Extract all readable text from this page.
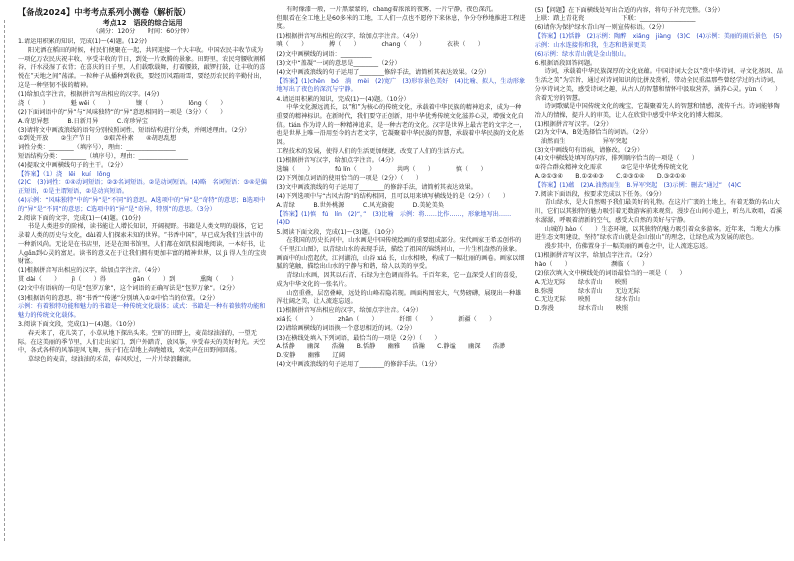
【备战2024】中考考点系列小测卷（解析版）
考点12　语段的综合运用
（满分：120分　　时间：60分钟）
1.请运用积累的知识，完成(1)～(4)题。(12分)
阳光洒在稻田的时候，村民们便聚在一起，共同迎接一个大丰收。中国农民丰收节成为一项亿万农民庆祝丰收、享受丰收的节日，到处一片欢腾的景象。田野里，农民弯腰收割稻谷，汗水浸湿了衣背；在喜庆的日子里，人们载歌载舞，打着腰鼓，敲锣打鼓，让丰收的喜悦在“天地之间”荡漾。一粒种子从播种到收获，要经历风霜雨雪，要经历农民的辛勤付出，这是一种坚韧不拔的精神。
(1)给加点字注音，根据拼音写出相应的汉字。(4分)
浇（　　）　　　　魁 wěi（　　）　　　　镶（　　）　　　　lǒng（　　）
(2)下面词语中的“异”与“风味独特”的“异”意思相同的一项是（3分）（　　）
A.奇思异想　　　B.日新月异　　　C.奇珍异宝
(3)请将文中画波浪线的语句分别按照词性、短语结构进行分类，并阐述理由。（2分）
①到处开放　　②生产节日　　③艰苦朴素　　④胡思乱想
词性分类：________（填序号），理由：________________
短语结构分类：________（填序号），理由：________________
(4)提取文中画横线句子的主干。（2分）
【答案】（1）浇　lěi　kuí　lǒng
(2)C　(3)词性：①④动词短语；②③名词短语。②是动词短语。(4)略　名词短语：③④是偏正短语，①是主谓短语，②是动宾短语。
(4)示例：“风味独特”中的“异”是“不同”的意思。A选项中的“异”是“奇特”的意思；B选项中的“异”是“不同”的意思；C选项中的“异”是“奇异，特别”的意思。（3分）
2.阅读下面的文字，完成(1)～(4)题。(10分)
书是人类进步的阶梯，读书能让人增长知识，开阔视野。书籍是人类文明的载体，它记录着人类的历史与文化，dài着人们探索未知的世界。“书香中国”，早已成为我们生活中的一种新风尚。无论是在书店里，还是在图书馆里，人们都在如饥似渴地阅读，一本好书，让人gǎn到心灵的富足。读书的意义在于让我们拥有更加丰富的精神世界，以 jì 得人生的宝贵财富。
(1)根据拼音写出相应的汉字，给加点字注音。（4分）
贯 dài（　　）　　 jì（　　）得　　　　 gǎn（　　）到　　　　熏陶（　　）
(2)文中有语病的一句是“包罗万象”，这个词语的正确写法是“包罗万象”。（2分）
(3)根据语句的意思，将“书香”“传递”分别填入①②中恰当的位置。（2分）
示例：有着独特功能和魅力的书籍是一种传统文化载体；或式：书籍是一种有着独特功能和魅力的传统文化载体。
3.阅读下面文段，完成(1)～(4)题。（10分）
春天来了，花儿笑了，小草从地下探出头来。空旷的田野上，麦苗绿油油的，一望无际。在这美丽的季节里，人们走出家门，到户外踏青，放风筝，享受春天的美好时光。天空中，各式各样的风筝迎风飞舞，孩子们在草地上奔跑嬉戏，欢笑声在田野间回荡。
草绿色的麦苗，绿油油的禾苗，春风吹过，一片片绿浪翻滚。
有时像漆一般，一片黑蒙蒙的，chang着浓浓的夜雾，一片宁静，夜色深沉。
但眼看在全工地上是60多米的工地，工人们一点也不愿停下来休息，争分夺秒地推进工程进度。
(1)根据拼音写出相应的汉字，给加点字注音。（4分）
嗔（　　）　　　　搏（　　）　　　　chang（　　）　　　　衣袂（　　）
(2)文中画横线的词语：__________
(3)文中“盖凝”一词的意思是________（2分）
(4)文中画波浪线的句子运用了________修辞手法，请简析其表达效果。（2分）
【答案】(1)chēn　bó　淌　mèi　(2)宽广　(3)形容景色美好　(4)比喻、拟人，生动形象地写出了夜色的深沉与宁静。
4.请运用积累的知识，完成(1)～(4)题。（10分）
中华文化源远流长，以“和”为核心的传统文化，承载着中华民族的精神追求，成为一种重要的精神标识。在新时代，我们要守正创新，用中华优秀传统文化滋养心灵，增强文化自信。tián 作为诗人的一种精神追求，是一种古老的文化。汉字是世界上最古老的文字之一，也是世界上唯一沿用至今的古老文字，它凝聚着中华民族的智慧，承载着中华民族的文化基因。
工程技术的发展，使得人们的生活更加便捷，改变了人们的生活方式。
(1)根据拼音写汉字，给加点字注音。（4分）
选编（　　）　　　　fú lín（　　）　　　　共鸣（　　）　　　　慎（　　）
(2)下列加点词语的使用恰当的一项是（2分）（　　）
(3)文中画波浪线的句子运用了________的修辞手法，请简析其表达效果。
(4)下列选项中与“古风古韵”的结构相同，且可以用来填写横线处的是（2分）（　　）
A.青绿　　　B.世外桃源　　　C.风光旖旎　　　D.美轮美奂
【答案】(1)慎　fú　lín　(2)“，”　(3)比喻　示例：将……比作……，形象地写出……　(4)D
5.阅读下面文段，完成(1)～(3)题。（10分）
在我国的历史长河中，山水画是中国传统绘画的重要组成部分。宋代画家王希孟创作的《千里江山图》，以青绿山水的表现手法，描绘了祖国的锦绣河山，一片生机盎然的景象。画面中的山峦起伏，江河湖泊，山谷 xiá 长，山水相映，构成了一幅壮丽的画卷。画家以细腻的笔触，描绘出山水的宁静与和谐，给人以美的享受。
青绿山水画，因其以石青、石绿为主色调而得名。千百年来，它一直深受人们的喜爱，成为中华文化的一张名片。
山峦重叠，层峦叠嶂，远处的山峰若隐若现。画面构图宏大，气势磅礴，展现出一种雄浑壮阔之美，让人流连忘返。
(1)根据拼音写出相应的汉字，给加点字注音。（4分）
xiá长（　　）　　　　zhān（　　）　　　　纤细（　　）　　　　新疆（　　）
(2)请给画横线的词语换一个意思相近的词。（2分）
(3)在横线处填入下列词语，最恰当的一项是（2分）（　　）
A.恬静　　幽深　　浩瀚　　B.恬静　　幽雅　　浩瀚　　C.静谧　　幽深　　浩渺
D.安静　　幽雅　　辽阔
(4)文中画波浪线的句子运用了________的修辞手法。（1分）
(5)【问题】在下面横线处写出合适的内容，将句子补充完整。（3分）
上联：踏上青花瓷　　　　　　下联：__________________
(6)请你为保护绿水青山写一则宣传标语。（2分）
【答案】(1)恬静　(2)示例：陶醉　xiǎng　jiàng　(3)C　(4)示例：美丽的雨后景色　(5)示例：山水连接你和我，生态和谐景更美
(6)示例：绿水青山就是金山银山。
6.根据语段回答问题。
诗词，承载着中华民族深厚的文化底蕴。中国诗词大会以“赏中华诗词、寻文化基因、品生活之美”为宗旨，通过对诗词知识的比拼及赏析，带动全民重温那些曾经学过的古诗词，分享诗词之美，感受诗词之趣，从古人的智慧和情怀中汲取营养，涵养心灵。yùn（　　）含着无穷的智慧。
诗词歌赋是中国传统文化的瑰宝，它凝聚着先人的智慧和情感，流传千古。诗词能够陶冶人的情操，提升人的审美，让人在欣赏中感受中华文化的博大精深。
(1)根据拼音写汉字。（2分）
(2)为文中A、B处选择恰当的词语。（2分）
　油然而生　　　　　　异军突起
(3)文中画线句有语病，请修改。（2分）
(4)文中横线处填写的内容，排列顺序恰当的一项是（　　）
①符合群众精神文化需求　　　②它是中华优秀传统文化
A.②①③④　　B.①②④③　　C.②③①④　　D.③②①④
【答案】(1)蕴　(2)A.油然而生　B.异军突起　(3)示例：删去“通过”　(4)C
7.阅读下面语段，按要求完成以下任务。（9分）
青山绿水，是大自然赐予我们最美好的礼物。在这片广袤的土地上，有着无数的名山大川，它们以其独特的魅力吸引着无数游客前来观赏。漫步在山间小道上，听鸟儿欢唱，看溪水潺潺，呼吸着清新的空气，感受大自然的美好与宁静。
山城的 hào（　　）生态环境，以其独特的魅力吸引着众多游客。近年来，当地大力推进生态文明建设，坚持“绿水青山就是金山银山”的理念，让绿色成为发展的底色。
漫步其中，仿佛置身于一幅美丽的画卷之中，让人流连忘返。
(1)根据拼音写汉字，给加点字注音。（2分）
hào（　　）　　　　　　　濒临（　　）
(2)依次填入文中横线处的词语最恰当的一项是（　　）
A.无边无际　　绿水青山　　映照
B.弥漫　　　　绿水青山　　无边无际
C.无边无际　　映照　　　　绿水青山
D.弥漫　　　　绿水青山　　映照
